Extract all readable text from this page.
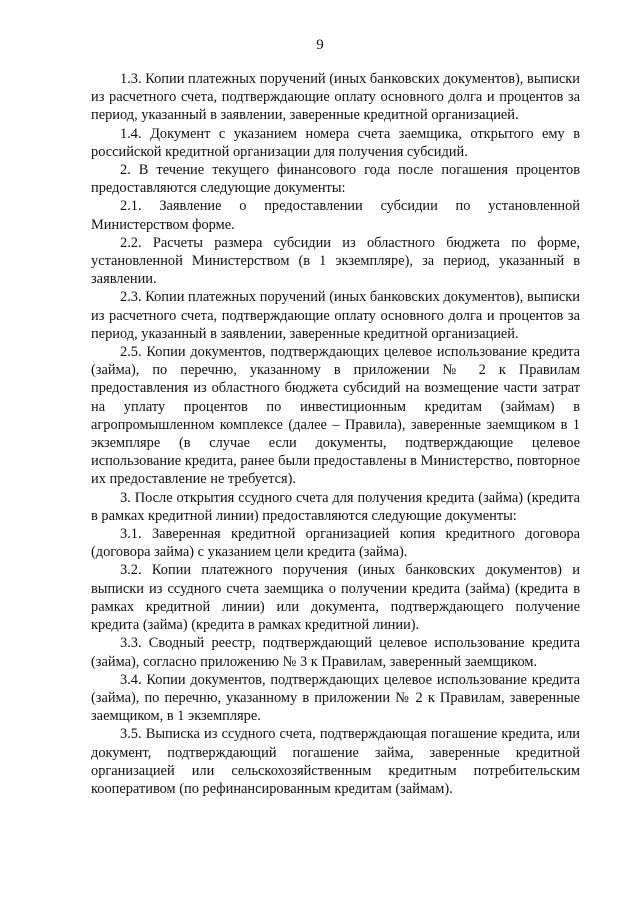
9

1.3. Копии платежных поручений (иных банковских документов), выписки из расчетного счета, подтверждающие оплату основного долга и процентов за период, указанный в заявлении, заверенные кредитной организацией.

1.4. Документ с указанием номера счета заемщика, открытого ему в российской кредитной организации для получения субсидий.

2. В течение текущего финансового года после погашения процентов предоставляются следующие документы:

2.1. Заявление о предоставлении субсидии по установленной Министерством форме.

2.2. Расчеты размера субсидии из областного бюджета по форме, установленной Министерством (в 1 экземпляре), за период, указанный в заявлении.

2.3. Копии платежных поручений (иных банковских документов), выписки из расчетного счета, подтверждающие оплату основного долга и процентов за период, указанный в заявлении, заверенные кредитной организацией.

2.5. Копии документов, подтверждающих целевое использование кредита (займа), по перечню, указанному в приложении № 2 к Правилам предоставления из областного бюджета субсидий на возмещение части затрат на уплату процентов по инвестиционным кредитам (займам) в агропромышленном комплексе (далее – Правила), заверенные заемщиком в 1 экземпляре (в случае если документы, подтверждающие целевое использование кредита, ранее были предоставлены в Министерство, повторное их предоставление не требуется).

3. После открытия ссудного счета для получения кредита (займа) (кредита в рамках кредитной линии) предоставляются следующие документы:

3.1. Заверенная кредитной организацией копия кредитного договора (договора займа) с указанием цели кредита (займа).

3.2. Копии платежного поручения (иных банковских документов) и выписки из ссудного счета заемщика о получении кредита (займа) (кредита в рамках кредитной линии) или документа, подтверждающего получение кредита (займа) (кредита в рамках кредитной линии).

3.3. Сводный реестр, подтверждающий целевое использование кредита (займа), согласно приложению № 3 к Правилам, заверенный заемщиком.

3.4. Копии документов, подтверждающих целевое использование кредита (займа), по перечню, указанному в приложении № 2 к Правилам, заверенные заемщиком, в 1 экземпляре.

3.5. Выписка из ссудного счета, подтверждающая погашение кредита, или документ, подтверждающий погашение займа, заверенные кредитной организацией или сельскохозяйственным кредитным потребительским кооперативом (по рефинансированным кредитам (займам).
